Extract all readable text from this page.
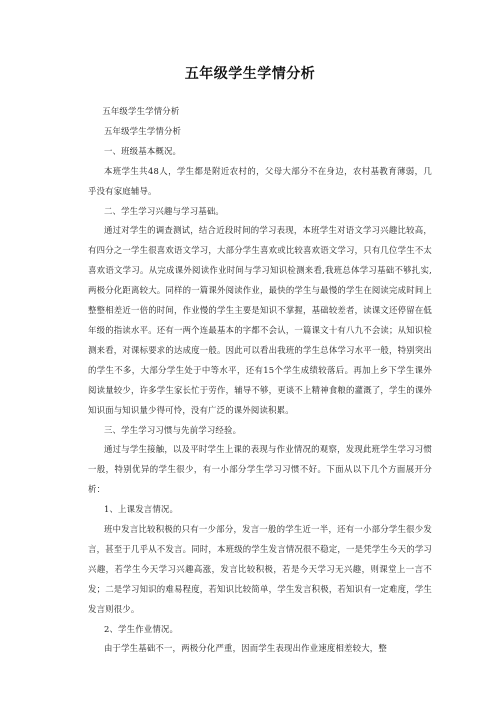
五年级学生学情分析

五年级学生学情分析

五年级学生学情分析

一、班级基本概况。

本班学生共48人，学生都是附近农村的，父母大部分不在身边，农村基教育薄弱，几乎没有家庭辅导。

二、学生学习兴趣与学习基础。

通过对学生的调查测试，结合近段时间的学习表现，本班学生对语文学习兴趣比较高，有四分之一学生很喜欢语文学习，大部分学生喜欢或比较喜欢语文学习，只有几位学生不太喜欢语文学习。从完成课外阅读作业时间与学习知识检测来看,我班总体学习基础不够扎实,两极分化距离较大。同样的一篇课外阅读作业，最快的学生与最慢的学生在阅读完成时间上整整相差近一倍的时间，作业慢的学生主要是知识不掌握，基础较差者，读课文还停留在低年级的指读水平。还有一两个连最基本的字都不会认，一篇课文十有八九不会读；从知识检测来看，对课标要求的达成度一般。因此可以看出我班的学生总体学习水平一般，特别突出的学生不多，大部分学生处于中等水平，还有15个学生成绩较落后。再加上乡下学生课外阅读量较少，许多学生家长忙于劳作，辅导不够，更谈不上精神食粮的灌溉了，学生的课外知识面与知识量少得可怜，没有广泛的课外阅读积累。

三、学生学习习惯与先前学习经验。

通过与学生接触，以及平时学生上课的表现与作业情况的观察，发现此班学生学习习惯一般，特别优异的学生很少，有一小部分学生学习习惯不好。下面从以下几个方面展开分析：

1、上课发言情况。

班中发言比较积极的只有一少部分，发言一般的学生近一半，还有一小部分学生很少发言，甚至于几乎从不发言。同时，本班级的学生发言情况很不稳定，一是凭学生今天的学习兴趣，若学生今天学习兴趣高涨，发言比较积极，若是今天学习无兴趣，则课堂上一言不发；二是学习知识的难易程度，若知识比较简单，学生发言积极，若知识有一定难度，学生发言则很少。

2、学生作业情况。

由于学生基础不一，两极分化严重，因而学生表现出作业速度相差较大，整
